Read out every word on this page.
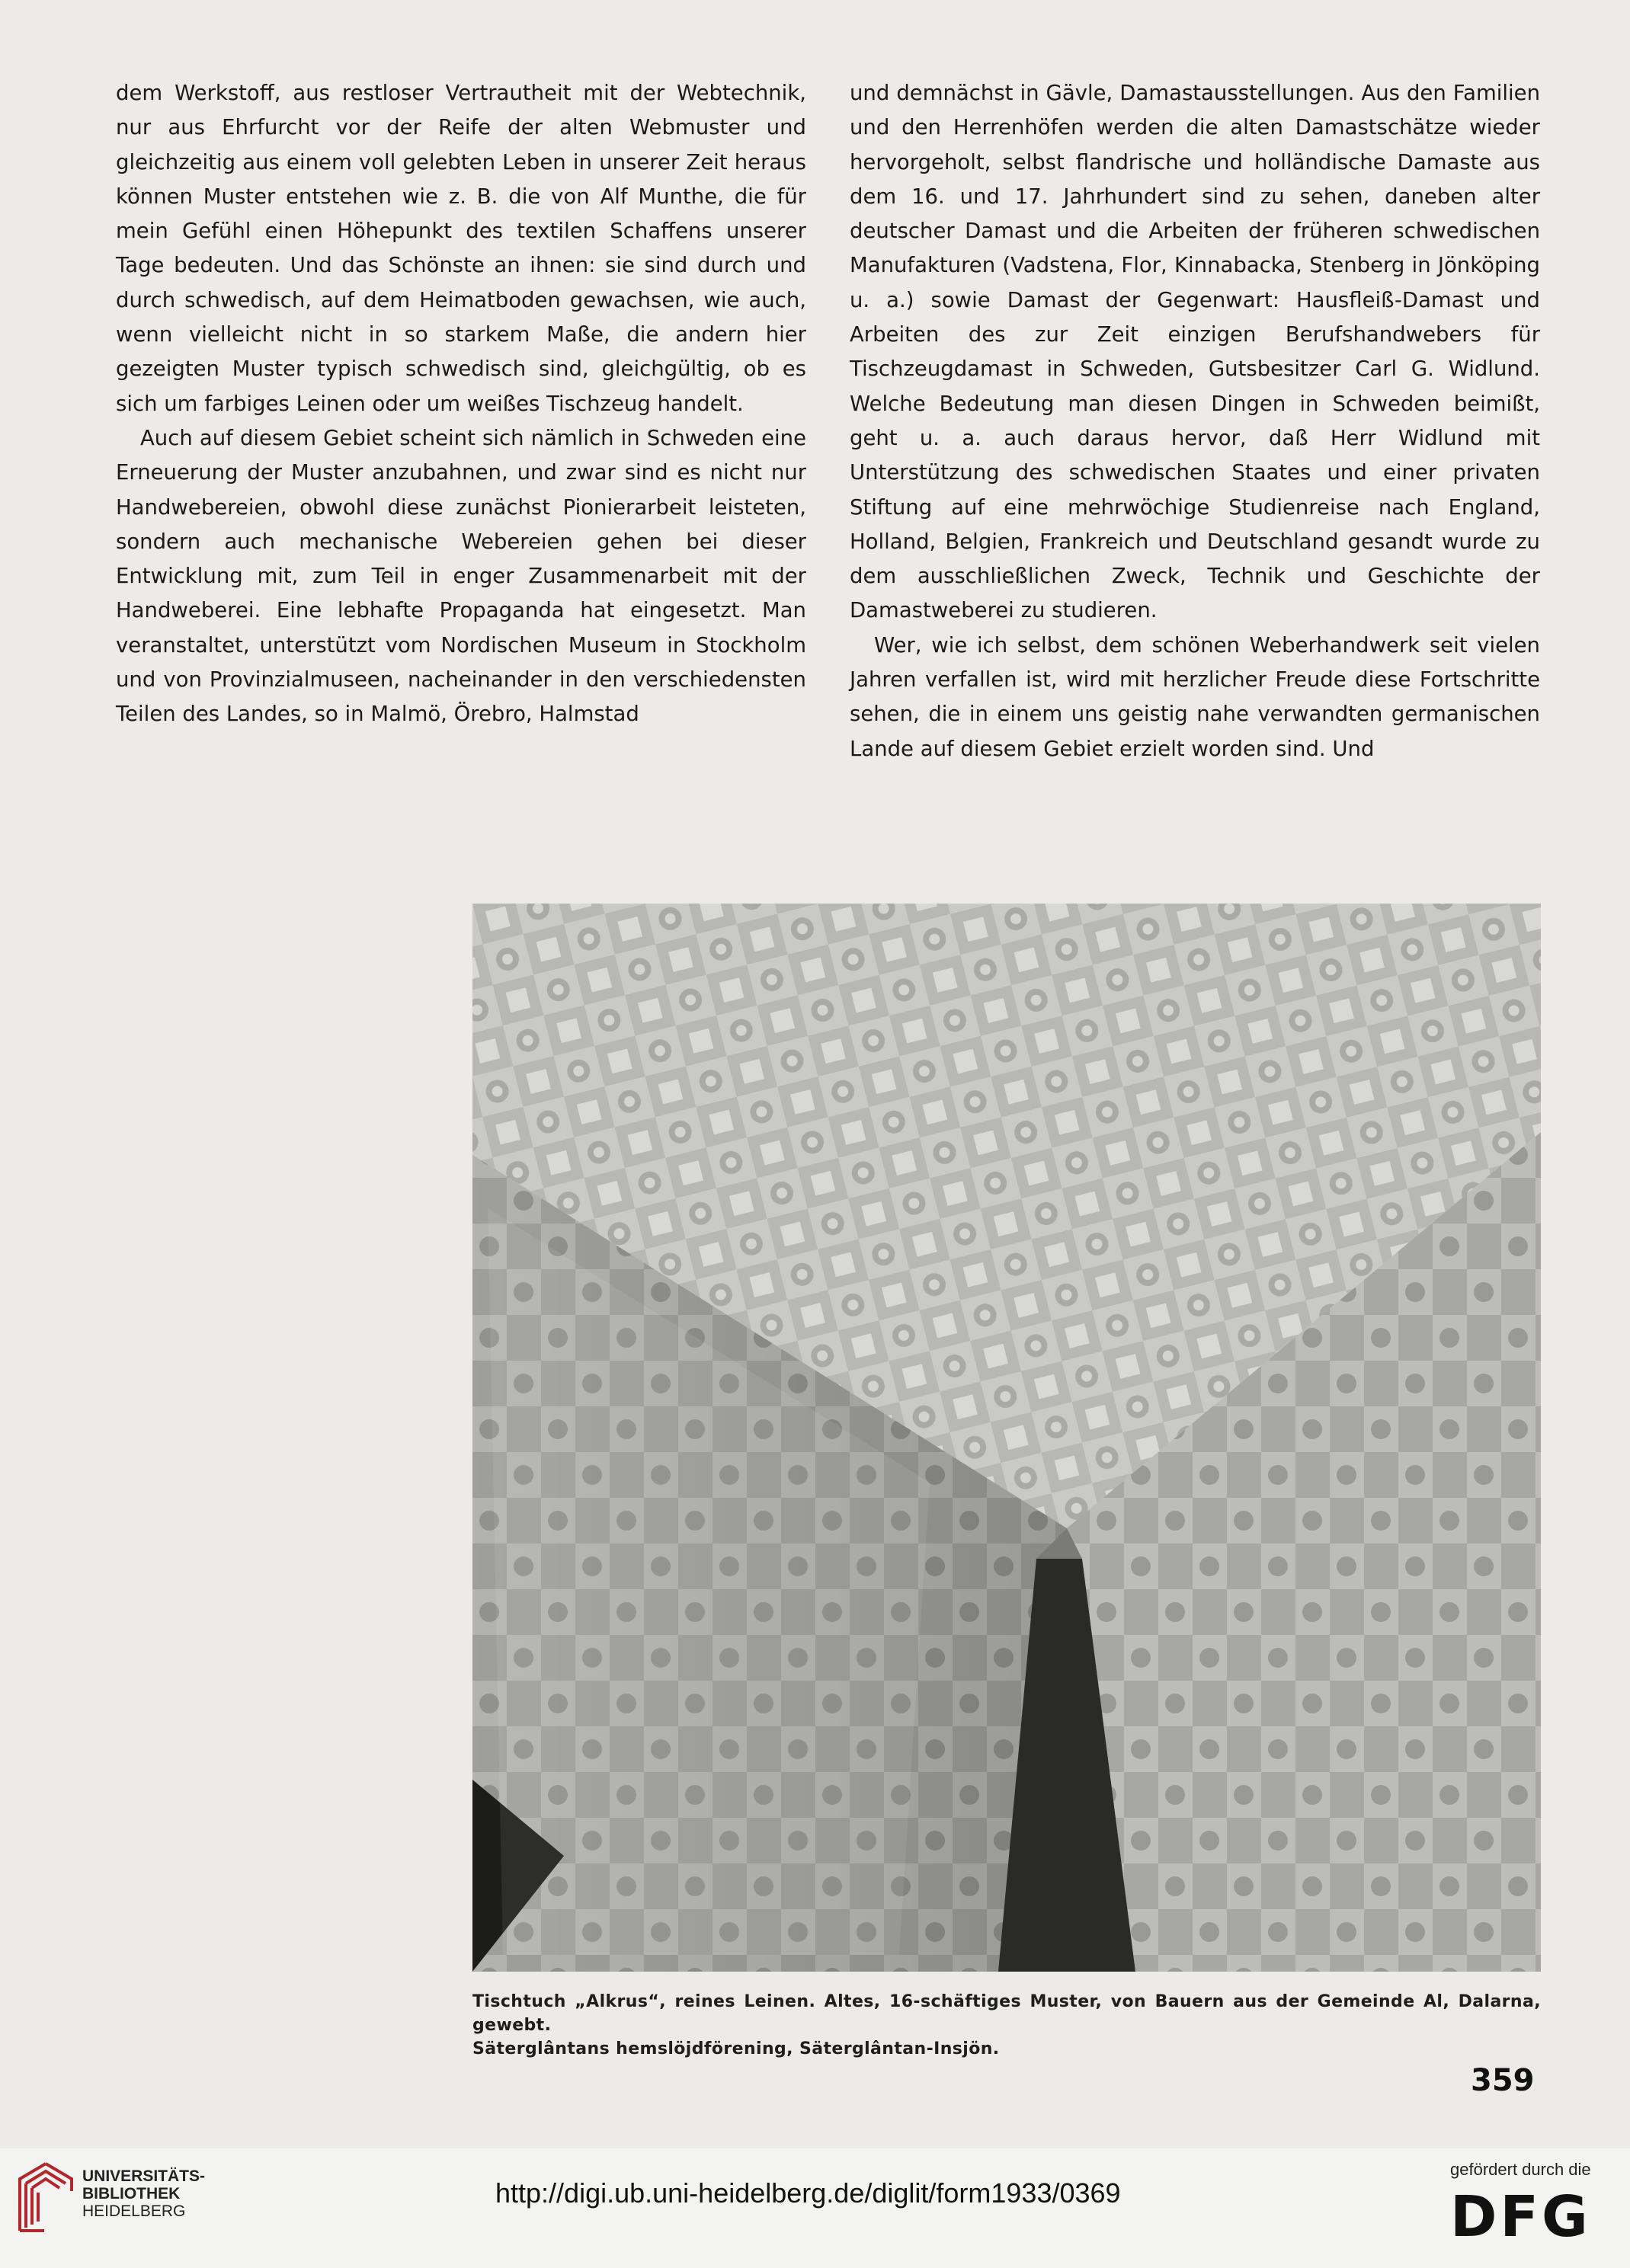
dem Werkstoff, aus restloser Vertrautheit mit der Webtechnik, nur aus Ehrfurcht vor der Reife der alten Webmuster und gleichzeitig aus einem voll gelebten Leben in unserer Zeit heraus können Muster entstehen wie z. B. die von Alf Munthe, die für mein Gefühl einen Höhepunkt des textilen Schaffens unserer Tage bedeuten. Und das Schönste an ihnen: sie sind durch und durch schwedisch, auf dem Heimatboden gewachsen, wie auch, wenn vielleicht nicht in so starkem Maße, die andern hier gezeigten Muster typisch schwedisch sind, gleichgültig, ob es sich um farbiges Leinen oder um weißes Tischzeug handelt.

Auch auf diesem Gebiet scheint sich nämlich in Schweden eine Erneuerung der Muster anzubahnen, und zwar sind es nicht nur Handwebereien, obwohl diese zunächst Pionierarbeit leisteten, sondern auch mechanische Webereien gehen bei dieser Entwicklung mit, zum Teil in enger Zusammenarbeit mit der Handweberei. Eine lebhafte Propaganda hat eingesetzt. Man veranstaltet, unterstützt vom Nordischen Museum in Stockholm und von Provinzialmuseen, nacheinander in den verschiedensten Teilen des Landes, so in Malmö, Örebro, Halmstad

und demnächst in Gävle, Damastausstellungen. Aus den Familien und den Herrenhöfen werden die alten Damastschätze wieder hervorgeholt, selbst flandrische und holländische Damaste aus dem 16. und 17. Jahrhundert sind zu sehen, daneben alter deutscher Damast und die Arbeiten der früheren schwedischen Manufakturen (Vadstena, Flor, Kinnabacka, Stenberg in Jönköping u. a.) sowie Damast der Gegenwart: Hausfleiß-Damast und Arbeiten des zur Zeit einzigen Berufshandwebers für Tischzeugdamast in Schweden, Gutsbesitzer Carl G. Widlund. Welche Bedeutung man diesen Dingen in Schweden beimißt, geht u. a. auch daraus hervor, daß Herr Widlund mit Unterstützung des schwedischen Staates und einer privaten Stiftung auf eine mehrwöchige Studienreise nach England, Holland, Belgien, Frankreich und Deutschland gesandt wurde zu dem ausschließlichen Zweck, Technik und Geschichte der Damastweberei zu studieren.

Wer, wie ich selbst, dem schönen Weberhandwerk seit vielen Jahren verfallen ist, wird mit herzlicher Freude diese Fortschritte sehen, die in einem uns geistig nahe verwandten germanischen Lande auf diesem Gebiet erzielt worden sind. Und

Tischtuch „Alkrus“, reines Leinen. Altes, 16-schäftiges Muster, von Bauern aus der Gemeinde Al, Dalarna, gewebt.
Säterglântans hemslöjdförening, Säterglântan-Insjön.
359
UNIVERSITÄTS-
BIBLIOTHEK
HEIDELBERG
http://digi.ub.uni-heidelberg.de/diglit/form1933/0369
gefördert durch die
DFG
